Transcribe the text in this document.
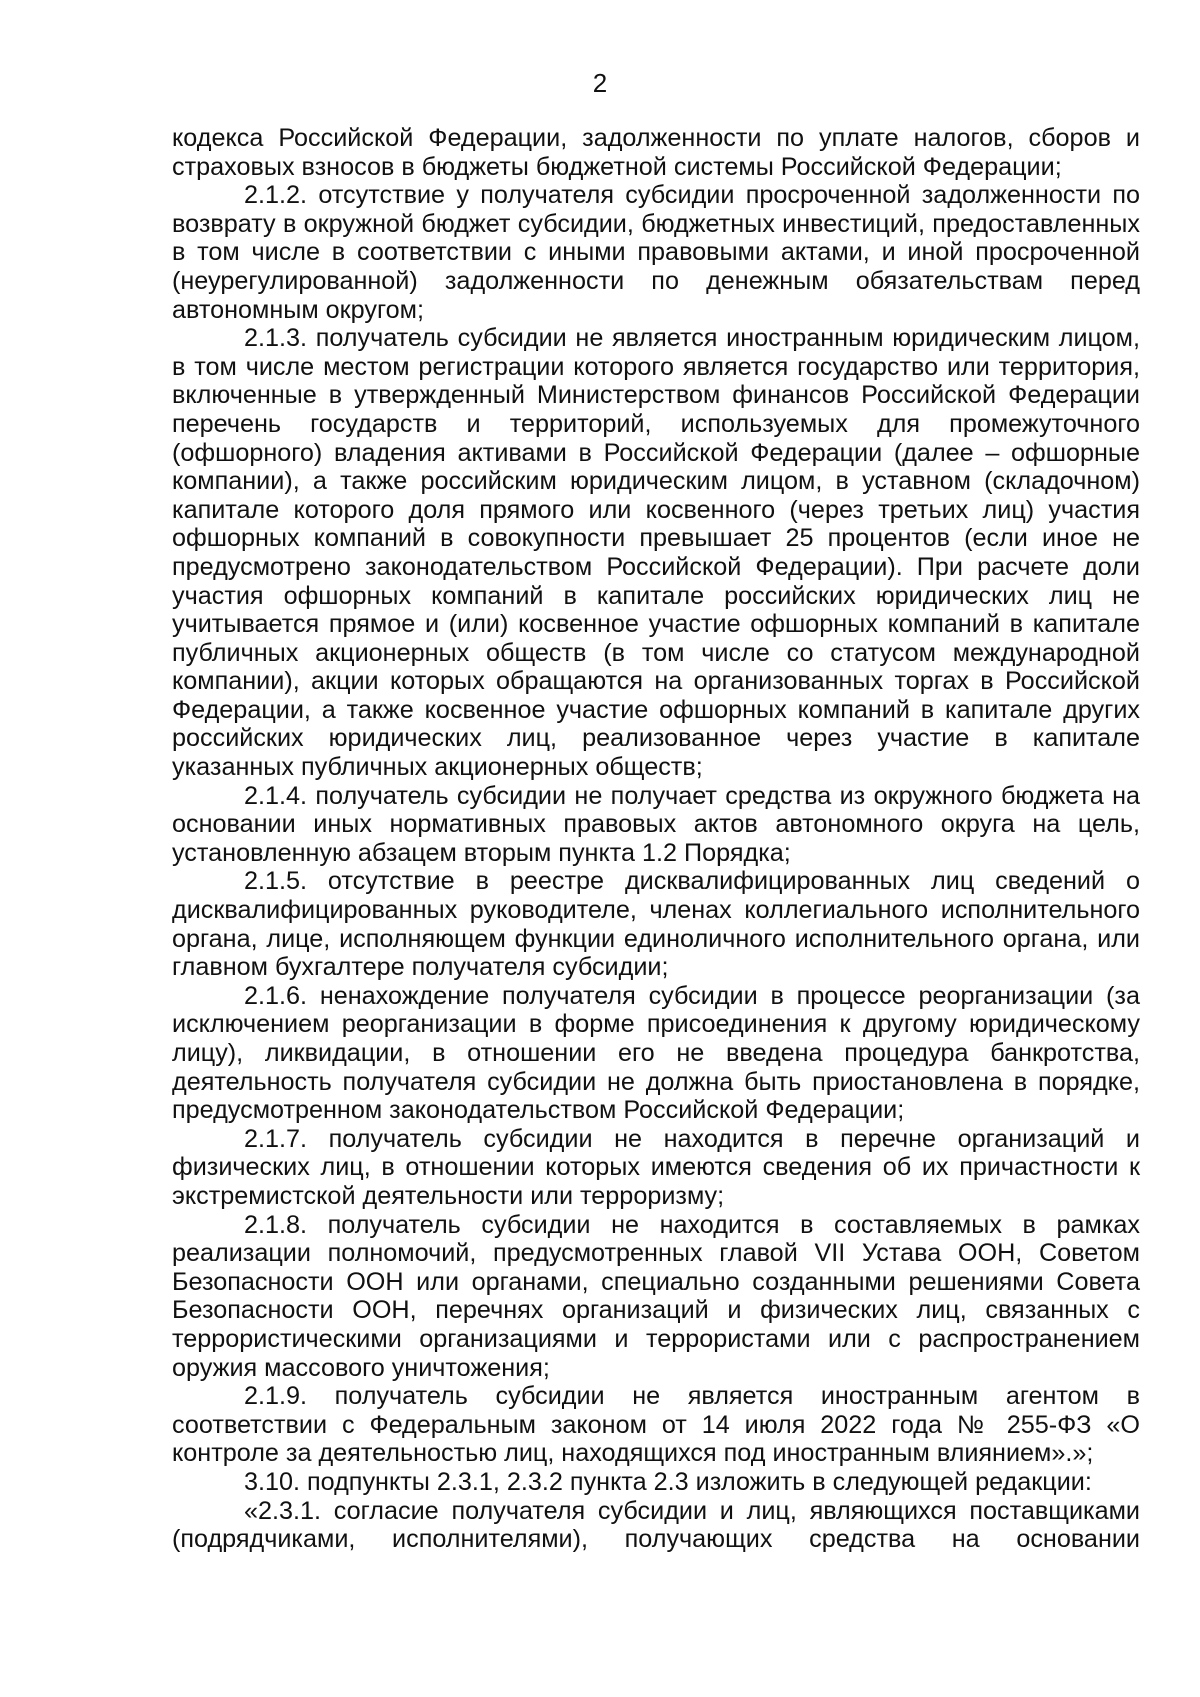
2

кодекса Российской Федерации, задолженности по уплате налогов, сборов и страховых взносов в бюджеты бюджетной системы Российской Федерации;

2.1.2. отсутствие у получателя субсидии просроченной задолженности по возврату в окружной бюджет субсидии, бюджетных инвестиций, предоставленных в том числе в соответствии с иными правовыми актами, и иной просроченной (неурегулированной) задолженности по денежным обязательствам перед автономным округом;

2.1.3. получатель субсидии не является иностранным юридическим лицом, в том числе местом регистрации которого является государство или территория, включенные в утвержденный Министерством финансов Российской Федерации перечень государств и территорий, используемых для промежуточного (офшорного) владения активами в Российской Федерации (далее – офшорные компании), а также российским юридическим лицом, в уставном (складочном) капитале которого доля прямого или косвенного (через третьих лиц) участия офшорных компаний в совокупности превышает 25 процентов (если иное не предусмотрено законодательством Российской Федерации). При расчете доли участия офшорных компаний в капитале российских юридических лиц не учитывается прямое и (или) косвенное участие офшорных компаний в капитале публичных акционерных обществ (в том числе со статусом международной компании), акции которых обращаются на организованных торгах в Российской Федерации, а также косвенное участие офшорных компаний в капитале других российских юридических лиц, реализованное через участие в капитале указанных публичных акционерных обществ;

2.1.4. получатель субсидии не получает средства из окружного бюджета на основании иных нормативных правовых актов автономного округа на цель, установленную абзацем вторым пункта 1.2 Порядка;

2.1.5. отсутствие в реестре дисквалифицированных лиц сведений о дисквалифицированных руководителе, членах коллегиального исполнительного органа, лице, исполняющем функции единоличного исполнительного органа, или главном бухгалтере получателя субсидии;

2.1.6. ненахождение получателя субсидии в процессе реорганизации (за исключением реорганизации в форме присоединения к другому юридическому лицу), ликвидации, в отношении его не введена процедура банкротства, деятельность получателя субсидии не должна быть приостановлена в порядке, предусмотренном законодательством Российской Федерации;

2.1.7. получатель субсидии не находится в перечне организаций и физических лиц, в отношении которых имеются сведения об их причастности к экстремистской деятельности или терроризму;

2.1.8. получатель субсидии не находится в составляемых в рамках реализации полномочий, предусмотренных главой VII Устава ООН, Советом Безопасности ООН или органами, специально созданными решениями Совета Безопасности ООН, перечнях организаций и физических лиц, связанных с террористическими организациями и террористами или с распространением оружия массового уничтожения;

2.1.9. получатель субсидии не является иностранным агентом в соответствии с Федеральным законом от 14 июля 2022 года № 255-ФЗ «О контроле за деятельностью лиц, находящихся под иностранным влиянием».»;

3.10. подпункты 2.3.1, 2.3.2 пункта 2.3 изложить в следующей редакции:

«2.3.1. согласие получателя субсидии и лиц, являющихся поставщиками (подрядчиками, исполнителями), получающих средства на основании
